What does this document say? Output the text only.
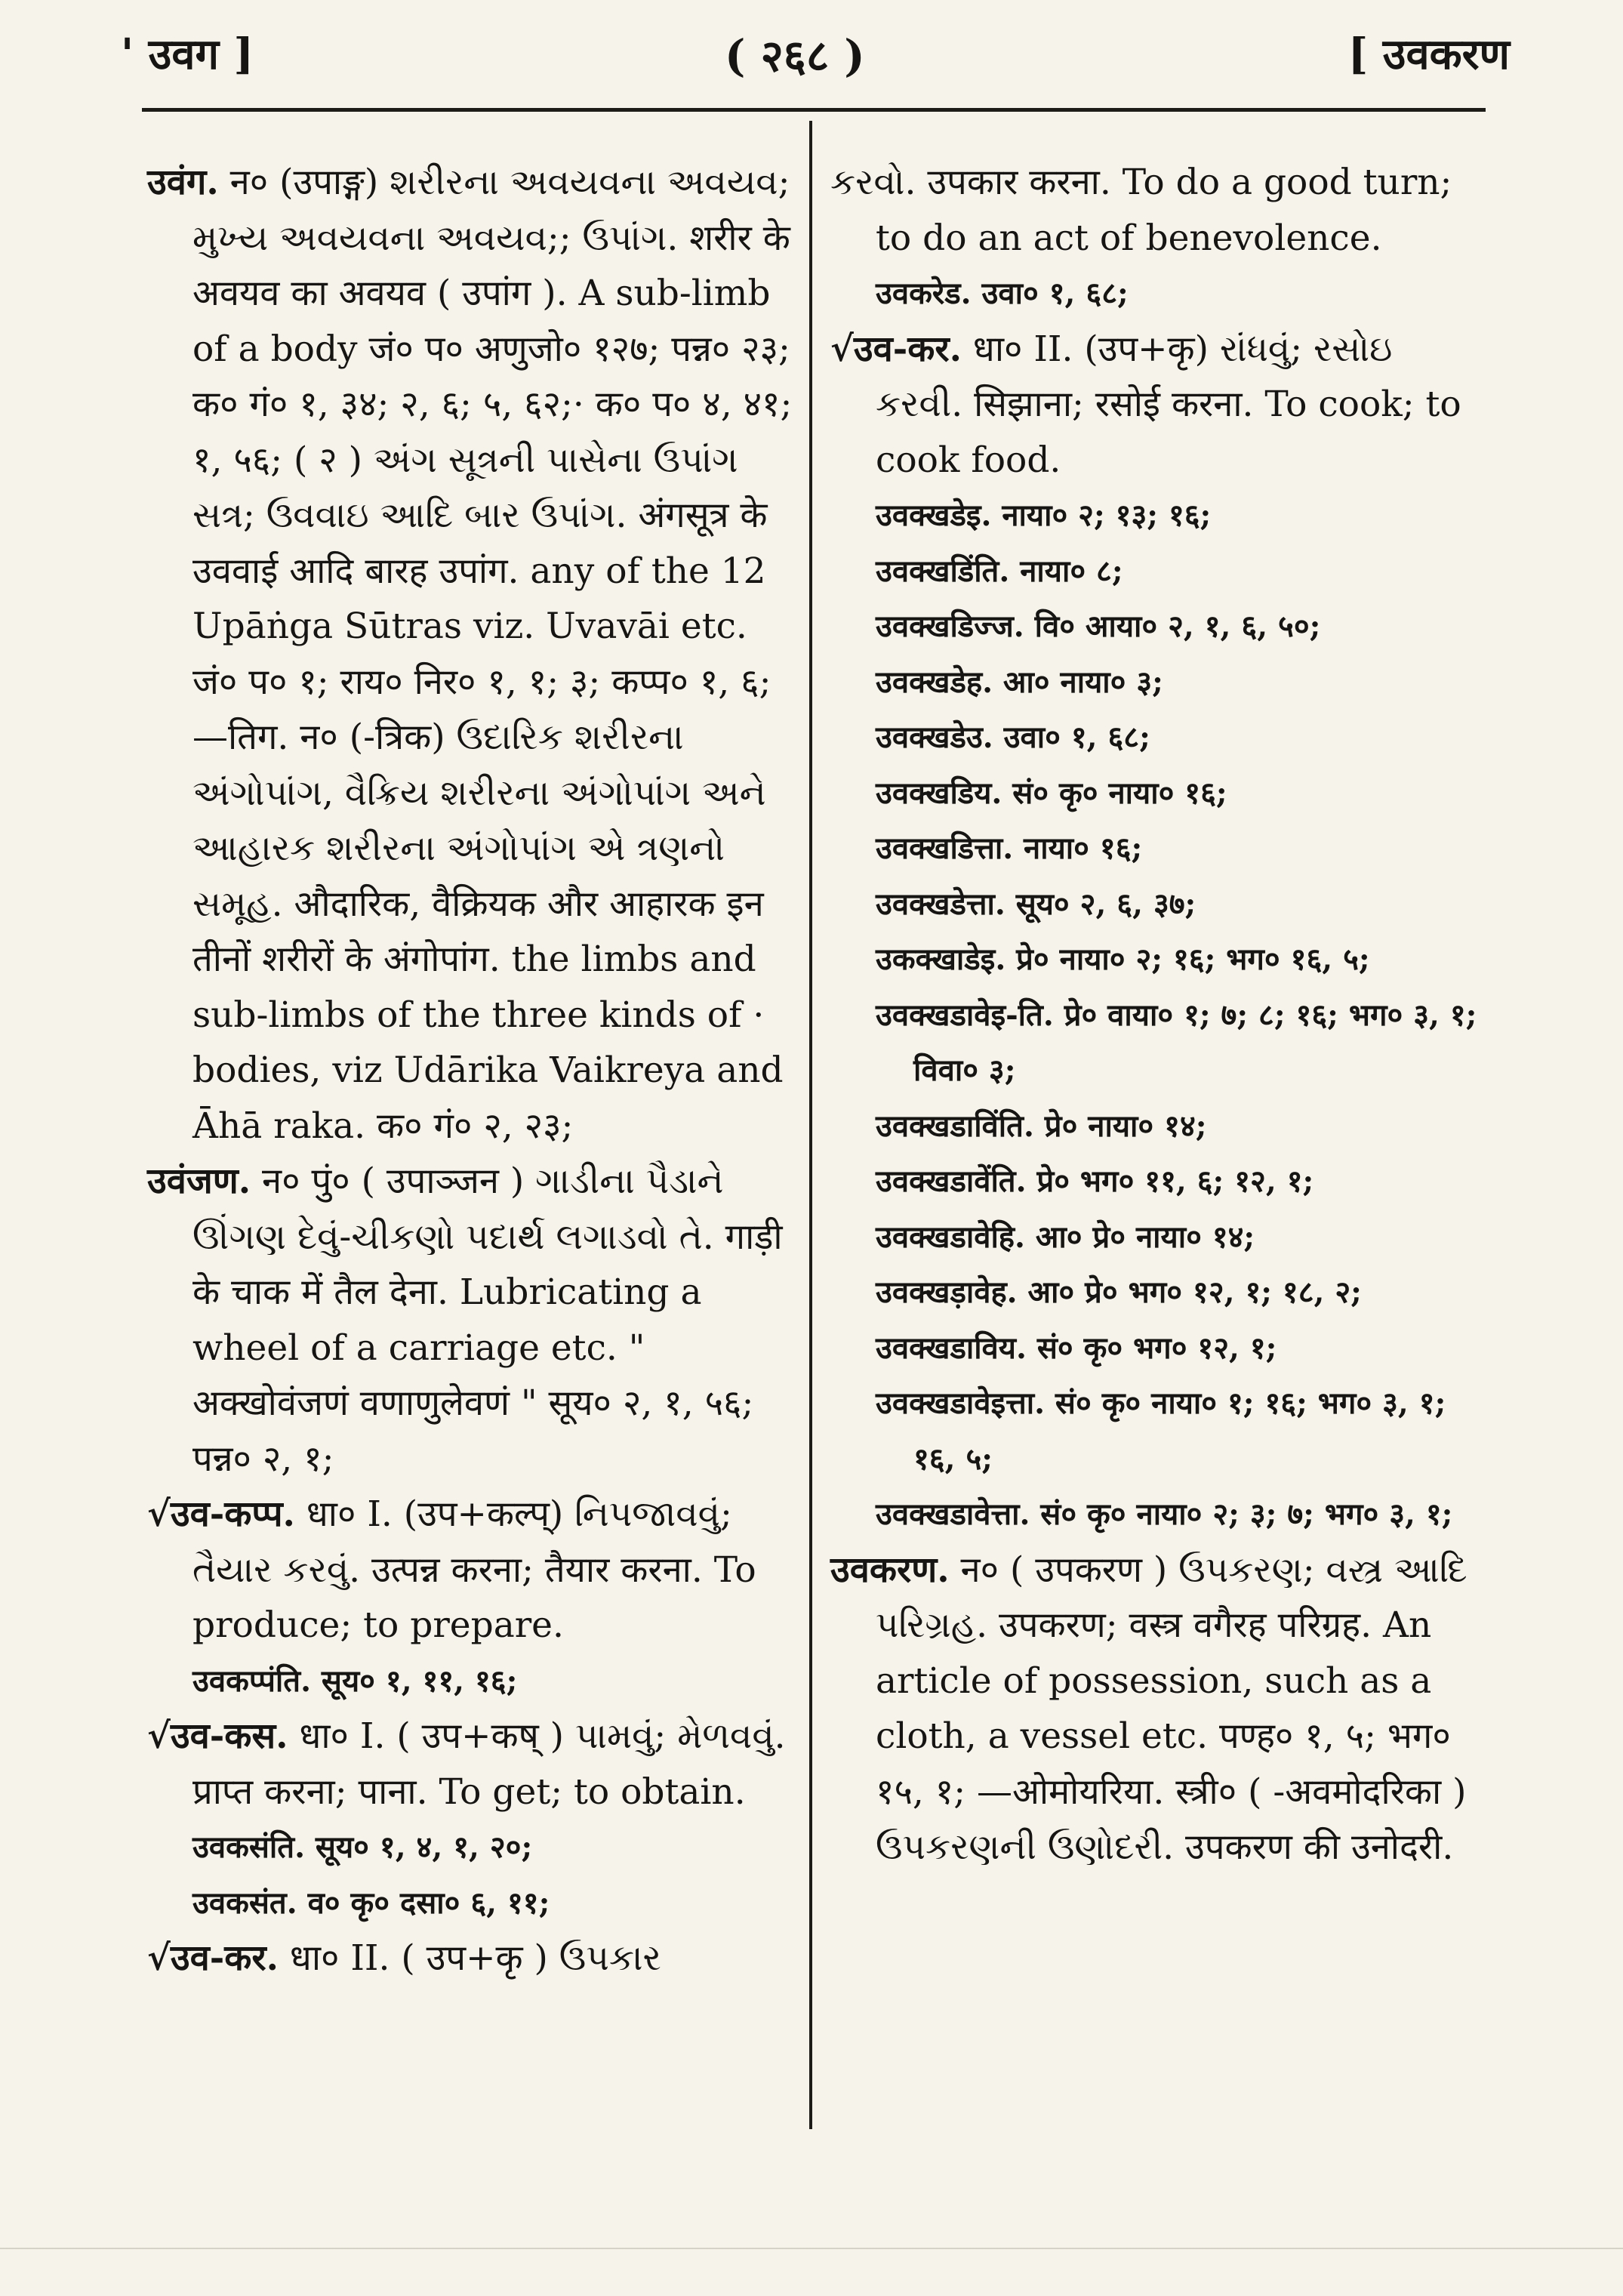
' उवग ]	( २६८ )	[ उवकरण

उवंग. न० (उपाङ्ग) શરીરના અવયવના અવયવ; મુખ્ય અવયવના અવયવ;; ઉપાંગ. शरीर के अवयव का अवयव ( उपांग ). A sub-limb of a body जं० प० अणुजो० १२७; पन्न० २३; क० गं० १, ३४; २, ६; ५, ६२;· क० प० ४, ४१; १, ५६; ( २ ) અંગ સૂત્રની પાસેના ઉપાંગ સત્ર; ઉવવાઇ આદિ બાર ઉપાંગ. अंगसूत्र के उववाई आदि बारह उपांग. any of the 12 Upāṅga Sūtras viz. Uvavāi etc. जं० प० १; राय० निर० १, १; ३; कप्प० १, ६; —तिग. न० (-त्रिक) ઉદારિક શરીરના અંગોપાંગ, વૈક્રિય શરીરના અંગોપાંગ અને આહારક શરીરના અંગોપાંગ એ ત્રણનો સમૂહ. औदारिक, वैक्रियक और आहारक इन तीनों शरीरों के अंगोपांग. the limbs and sub-limbs of the three kinds of · bodies, viz Udārika Vaikreya and Āhā raka. क० गं० २, २३;

उवंजण. न० पुं० ( उपाञ्जन ) ગાડીના પૈડાને ઊંગણ દેવું-ચીકણો પદાર્થ લગાડવો તે. गाड़ी के चाक में तैल देना. Lubricating a wheel of a carriage etc. " अक्खोवंजणं वणाणुलेवणं " सूय० २, १, ५६; पन्न० २, १;

√उव-कप्प. धा० I. (उप+कल्प्) નિપજાવવું; તૈયાર કરવું. उत्पन्न करना; तैयार करना. To produce; to prepare.

उवकप्पंति. सूय० १, ११, १६;

√उव-कस. धा० I. ( उप+कष् ) પામવું; મેળવવું. प्राप्त करना; पाना. To get; to obtain.

उवकसंति. सूय० १, ४, १, २०;

उवकसंत. व० कृ० दसा० ६, ११;

√उव-कर. धा० II. ( उप+कृ ) ઉપકાર

કરવો. उपकार करना. To do a good turn; to do an act of benevolence.

उवकरेड. उवा० १, ६८;

√उव-कर. धा० II. (उप+कृ) રાંધવું; રસોઇ કરવી. सिझाना; रसोई करना. To cook; to cook food.

उवक्खडेइ. नाया० २; १३; १६;

उवक्खडिंति. नाया० ८;

उवक्खडिज्ज. वि० आया० २, १, ६, ५०;

उवक्खडेह. आ० नाया० ३;

उवक्खडेउ. उवा० १, ६८;

उवक्खडिय. सं० कृ० नाया० १६;

उवक्खडित्ता. नाया० १६;

उवक्खडेत्ता. सूय० २, ६, ३७;

उकक्खाडेइ. प्रे० नाया० २; १६; भग० १६, ५;

उवक्खडावेइ-ति. प्रे० वाया० १; ७; ८; १६; भग० ३, १; विवा० ३;

उवक्खडाविंति. प्रे० नाया० १४;

उवक्खडावेंति. प्रे० भग० ११, ६; १२, १;

उवक्खडावेहि. आ० प्रे० नाया० १४;

उवक्खड़ावेह. आ० प्रे० भग० १२, १; १८, २;

उवक्खडाविय. सं० कृ० भग० १२, १;

उवक्खडावेइत्ता. सं० कृ० नाया० १; १६; भग० ३, १; १६, ५;

उवक्खडावेत्ता. सं० कृ० नाया० २; ३; ७; भग० ३, १;

उवकरण. न० ( उपकरण ) ઉપકરણ; વસ્ત્ર આદિ પરિગ્રહ. उपकरण; वस्त्र वगैरह परिग्रह. An article of possession, such as a cloth, a vessel etc. पण्ह० १, ५; भग० १५, १; —ओमोयरिया. स्त्री० ( -अवमोदरिका ) ઉપકરણની ઉણોદરી. उपकरण की उनोदरी.
